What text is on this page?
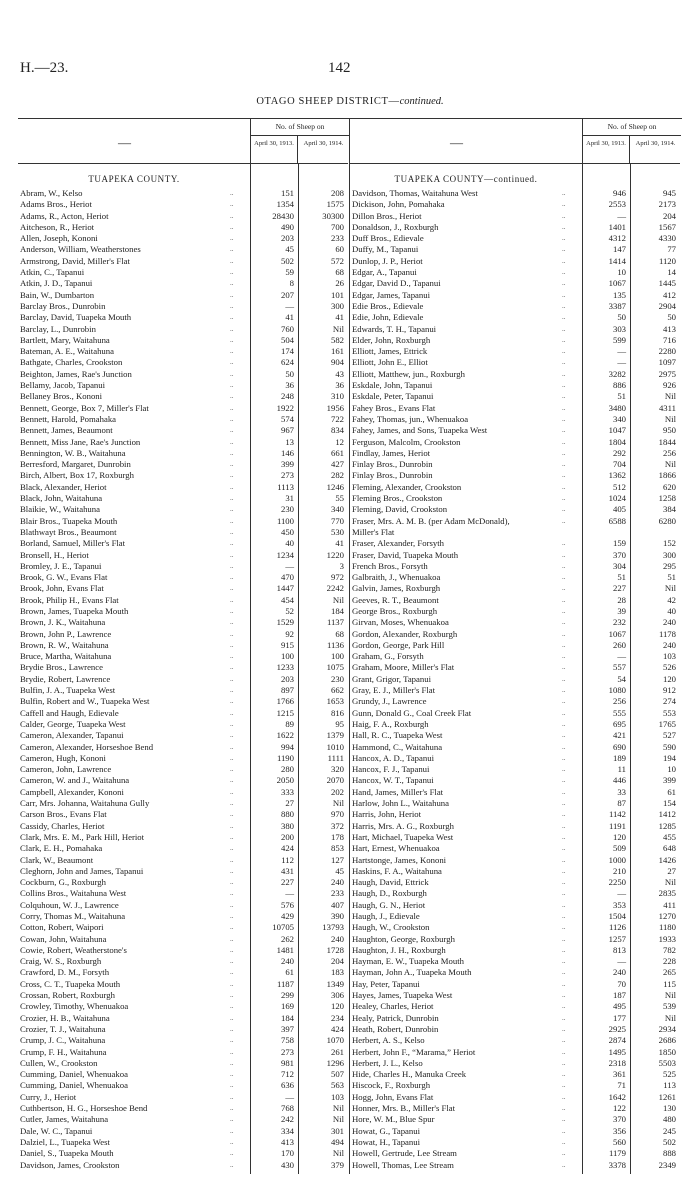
H.—23.	142
OTAGO SHEEP DISTRICT—continued.
—
No. of Sheep on
April 30, 1913.	April 30, 1914.
TUAPEKA COUNTY.
Abram, W., Kelso	..	151	208
Adams Bros., Heriot	..	1354	1575
Adams, R., Acton, Heriot	..	28430	30300
Aitcheson, R., Heriot	..	490	700
Allen, Joseph, Kononi	..	203	233
Anderson, William, Weatherstones	..	45	60
Armstrong, David, Miller's Flat	..	502	572
Atkin, C., Tapanui	..	59	68
Atkin, J. D., Tapanui	..	8	26
Bain, W., Dumbarton	..	207	101
Barclay Bros., Dunrobin	..	—	300
Barclay, David, Tuapeka Mouth	..	41	41
Barclay, L., Dunrobin	..	760	Nil
Bartlett, Mary, Waitahuna	..	504	582
Bateman, A. E., Waitahuna	..	174	161
Bathgate, Charles, Crookston	..	624	904
Beighton, James, Rae's Junction	..	50	43
Bellamy, Jacob, Tapanui	..	36	36
Bellaney Bros., Kononi	..	248	310
Bennett, George, Box 7, Miller's Flat	..	1922	1956
Bennett, Harold, Pomahaka	..	574	722
Bennett, James, Beaumont	..	967	834
Bennett, Miss Jane, Rae's Junction	..	13	12
Bennington, W. B., Waitahuna	..	146	661
Berresford, Margaret, Dunrobin	..	399	427
Birch, Albert, Box 17, Roxburgh	..	273	282
Black, Alexander, Heriot	..	1113	1246
Black, John, Waitahuna	..	31	55
Blaikie, W., Waitahuna	..	230	340
Blair Bros., Tuapeka Mouth	..	1100	770
Blathwayt Bros., Beaumont	..	450	530
Borland, Samuel, Miller's Flat	..	40	41
Bronsell, H., Heriot	..	1234	1220
Bromley, J. E., Tapanui	..	—	3
Brook, G. W., Evans Flat	..	470	972
Brook, John, Evans Flat	..	1447	2242
Brook, Philip H., Evans Flat	..	454	Nil
Brown, James, Tuapeka Mouth	..	52	184
Brown, J. K., Waitahuna	..	1529	1137
Brown, John P., Lawrence	..	92	68
Brown, R. W., Waitahuna	..	915	1136
Bruce, Martha, Waitahuna	..	100	100
Brydie Bros., Lawrence	..	1233	1075
Brydie, Robert, Lawrence	..	203	230
Bulfin, J. A., Tuapeka West	..	897	662
Bulfin, Robert and W., Tuapeka West	..	1766	1653
Caffell and Haugh, Edievale	..	1215	816
Calder, George, Tuapeka West	..	89	95
Cameron, Alexander, Tapanui	..	1622	1379
Cameron, Alexander, Horseshoe Bend	..	994	1010
Cameron, Hugh, Kononi	..	1190	1111
Cameron, John, Lawrence	..	280	320
Cameron, W. and J., Waitahuna	..	2050	2070
Campbell, Alexander, Kononi	..	333	202
Carr, Mrs. Johanna, Waitahuna Gully	..	27	Nil
Carson Bros., Evans Flat	..	880	970
Cassidy, Charles, Heriot	..	380	372
Clark, Mrs. E. M., Park Hill, Heriot	..	200	178
Clark, E. H., Pomahaka	..	424	853
Clark, W., Beaumont	..	112	127
Cleghorn, John and James, Tapanui	..	431	45
Cockburn, G., Roxburgh	..	227	240
Collins Bros., Waitahuna West	..	—	233
Colquhoun, W. J., Lawrence	..	576	407
Corry, Thomas M., Waitahuna	..	429	390
Cotton, Robert, Waipori	..	10705	13793
Cowan, John, Waitahuna	..	262	240
Cowie, Robert, Weatherstone's	..	1481	1728
Craig, W. S., Roxburgh	..	240	204
Crawford, D. M., Forsyth	..	61	183
Cross, C. T., Tuapeka Mouth	..	1187	1349
Crossan, Robert, Roxburgh	..	299	306
Crowley, Timothy, Whenuakoa	..	169	120
Crozier, H. B., Waitahuna	..	184	234
Crozier, T. J., Waitahuna	..	397	424
Crump, J. C., Waitahuna	..	758	1070
Crump, F. H., Waitahuna	..	273	261
Cullen, W., Crookston	..	981	1296
Cumming, Daniel, Whenuakoa	..	712	507
Cumming, Daniel, Whenuakoa	..	636	563
Curry, J., Heriot	..	—	103
Cuthbertson, H. G., Horseshoe Bend	..	768	Nil
Cutler, James, Waitahuna	..	242	Nil
Dale, W. C., Tapanui	..	334	301
Dalziel, L., Tuapeka West	..	413	494
Daniel, S., Tuapeka Mouth	..	170	Nil
Davidson, James, Crookston	..	430	379
—
No. of Sheep on
April 30, 1913.	April 30, 1914.
TUAPEKA COUNTY—continued.
Davidson, Thomas, Waitahuna West	..	946	945
Dickison, John, Pomahaka	..	2553	2173
Dillon Bros., Heriot	..	—	204
Donaldson, J., Roxburgh	..	1401	1567
Duff Bros., Edievale	..	4312	4330
Duffy, M., Tapanui	..	147	77
Dunlop, J. P., Heriot	..	1414	1120
Edgar, A., Tapanui	..	10	14
Edgar, David D., Tapanui	..	1067	1445
Edgar, James, Tapanui	..	135	412
Edie Bros., Edievale	..	3387	2904
Edie, John, Edievale	..	50	50
Edwards, T. H., Tapanui	..	303	413
Elder, John, Roxburgh	..	599	716
Elliott, James, Ettrick	..	—	2280
Elliott, John E., Elliot	..	—	1097
Elliott, Matthew, jun., Roxburgh	..	3282	2975
Eskdale, John, Tapanui	..	886	926
Eskdale, Peter, Tapanui	..	51	Nil
Fahey Bros., Evans Flat	..	3480	4311
Fahey, Thomas, jun., Whenuakoa	..	340	Nil
Fahey, James, and Sons, Tuapeka West	..	1047	950
Ferguson, Malcolm, Crookston	..	1804	1844
Findlay, James, Heriot	..	292	256
Finlay Bros., Dunrobin	..	704	Nil
Finlay Bros., Dunrobin	..	1362	1866
Fleming, Alexander, Crookston	..	512	620
Fleming Bros., Crookston	..	1024	1258
Fleming, David, Crookston	..	405	384
Fraser, Mrs. A. M. B. (per Adam McDonald),	..	6588	6280
Miller's Flat
Fraser, Alexander, Forsyth	..	159	152
Fraser, David, Tuapeka Mouth	..	370	300
French Bros., Forsyth	..	304	295
Galbraith, J., Whenuakoa	..	51	51
Galvin, James, Roxburgh	..	227	Nil
Geeves, R. T., Beaumont	..	28	42
George Bros., Roxburgh	..	39	40
Girvan, Moses, Whenuakoa	..	232	240
Gordon, Alexander, Roxburgh	..	1067	1178
Gordon, George, Park Hill	..	260	240
Graham, G., Forsyth	..	—	103
Graham, Moore, Miller's Flat	..	557	526
Grant, Grigor, Tapanui	..	54	120
Gray, E. J., Miller's Flat	..	1080	912
Grundy, J., Lawrence	..	256	274
Gunn, Donald G., Coal Creek Flat	..	555	553
Haig, F. A., Roxburgh	..	695	1765
Hall, R. C., Tuapeka West	..	421	527
Hammond, C., Waitahuna	..	690	590
Hancox, A. D., Tapanui	..	189	194
Hancox, F. J., Tapanui	..	11	10
Hancox, W. T., Tapanui	..	446	399
Hand, James, Miller's Flat	..	33	61
Harlow, John L., Waitahuna	..	87	154
Harris, John, Heriot	..	1142	1412
Harris, Mrs. A. G., Roxburgh	..	1191	1285
Hart, Michael, Tuapeka West	..	120	455
Hart, Ernest, Whenuakoa	..	509	648
Hartstonge, James, Kononi	..	1000	1426
Haskins, F. A., Waitahuna	..	210	27
Haugh, David, Ettrick	..	2250	Nil
Haugh, D., Roxburgh	..	—	2835
Haugh, G. N., Heriot	..	353	411
Haugh, J., Edievale	..	1504	1270
Haugh, W., Crookston	..	1126	1180
Haughton, George, Roxburgh	..	1257	1933
Haughton, J. H., Roxburgh	..	813	782
Hayman, E. W., Tuapeka Mouth	..	—	228
Hayman, John A., Tuapeka Mouth	..	240	265
Hay, Peter, Tapanui	..	70	115
Hayes, James, Tuapeka West	..	187	Nil
Healey, Charles, Heriot	..	495	539
Healy, Patrick, Dunrobin	..	177	Nil
Heath, Robert, Dunrobin	..	2925	2934
Herbert, A. S., Kelso	..	2874	2686
Herbert, John F., “Marama,” Heriot	..	1495	1850
Herbert, J. L., Kelso	..	2318	5503
Hide, Charles H., Manuka Creek	..	361	525
Hiscock, F., Roxburgh	..	71	113
Hogg, John, Evans Flat	..	1642	1261
Honner, Mrs. B., Miller's Flat	..	122	130
Hore, W. M., Blue Spur	..	370	480
Howat, G., Tapanui	..	356	245
Howat, H., Tapanui	..	560	502
Howell, Gertrude, Lee Stream	..	1179	888
Howell, Thomas, Lee Stream	..	3378	2349
